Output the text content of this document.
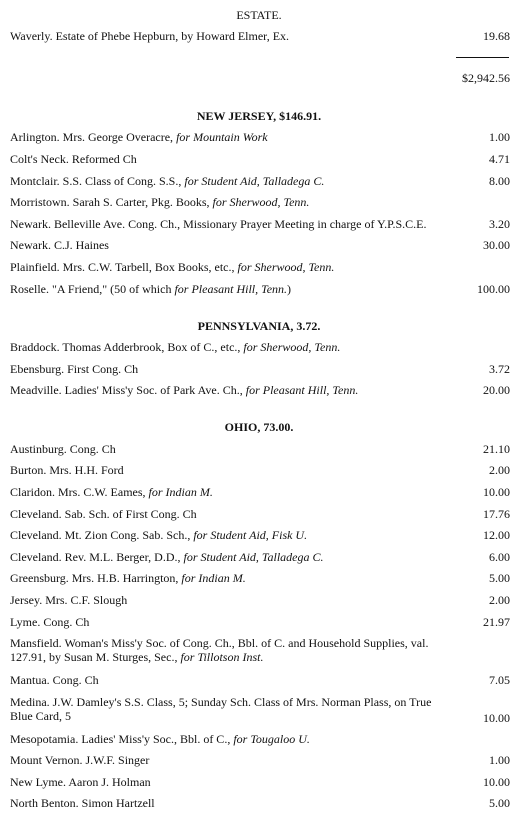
ESTATE.
Waverly. Estate of Phebe Hepburn, by Howard Elmer, Ex.	19.68
$2,942.56
NEW JERSEY, $146.91.
Arlington. Mrs. George Overacre, for Mountain Work	1.00
Colt's Neck. Reformed Ch	4.71
Montclair. S.S. Class of Cong. S.S., for Student Aid, Talladega C.	8.00
Morristown. Sarah S. Carter, Pkg. Books, for Sherwood, Tenn.
Newark. Belleville Ave. Cong. Ch., Missionary Prayer Meeting in charge of Y.P.S.C.E.	3.20
Newark. C.J. Haines	30.00
Plainfield. Mrs. C.W. Tarbell, Box Books, etc., for Sherwood, Tenn.
Roselle. "A Friend," (50 of which for Pleasant Hill, Tenn.)	100.00
PENNSYLVANIA, 3.72.
Braddock. Thomas Adderbrook, Box of C., etc., for Sherwood, Tenn.
Ebensburg. First Cong. Ch	3.72
Meadville. Ladies' Miss'y Soc. of Park Ave. Ch., for Pleasant Hill, Tenn.	20.00
OHIO, 73.00.
Austinburg. Cong. Ch	21.10
Burton. Mrs. H.H. Ford	2.00
Claridon. Mrs. C.W. Eames, for Indian M.	10.00
Cleveland. Sab. Sch. of First Cong. Ch	17.76
Cleveland. Mt. Zion Cong. Sab. Sch., for Student Aid, Fisk U.	12.00
Cleveland. Rev. M.L. Berger, D.D., for Student Aid, Talladega C.	6.00
Greensburg. Mrs. H.B. Harrington, for Indian M.	5.00
Jersey. Mrs. C.F. Slough	2.00
Lyme. Cong. Ch	21.97
Mansfield. Woman's Miss'y Soc. of Cong. Ch., Bbl. of C. and Household Supplies, val. 127.91, by Susan M. Sturges, Sec., for Tillotson Inst.
Mantua. Cong. Ch	7.05
Medina. J.W. Damley's S.S. Class, 5; Sunday Sch. Class of Mrs. Norman Plass, on True Blue Card, 5	10.00
Mesopotamia. Ladies' Miss'y Soc., Bbl. of C., for Tougaloo U.
Mount Vernon. J.W.F. Singer	1.00
New Lyme. Aaron J. Holman	10.00
North Benton. Simon Hartzell	5.00
